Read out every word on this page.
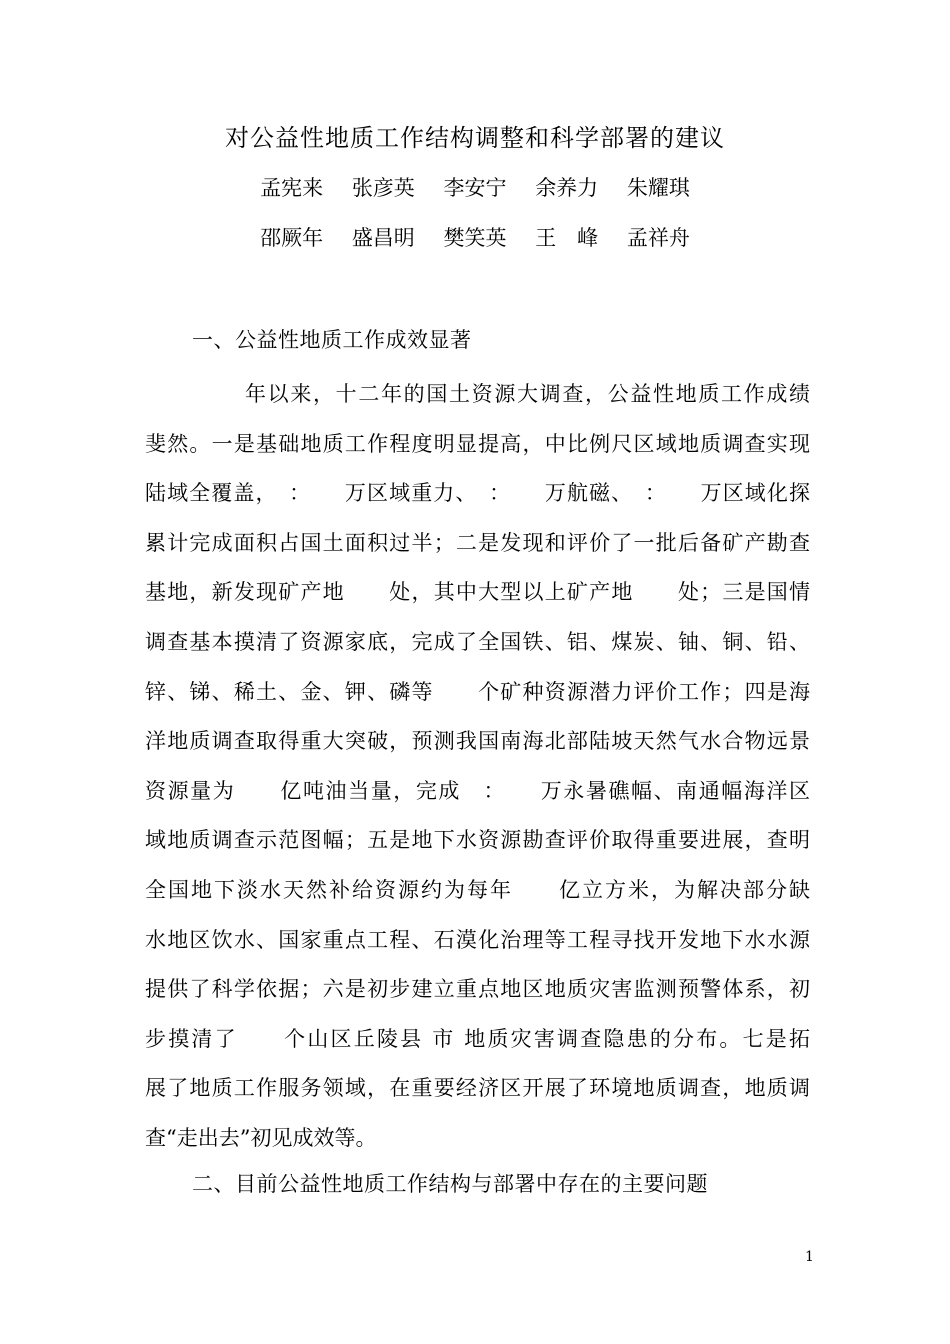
对公益性地质工作结构调整和科学部署的建议
孟宪来 张彦英 李安宁 余养力 朱耀琪
邵厥年 盛昌明 樊笑英 王　峰 孟祥舟
一、公益性地质工作成效显著
年以来，十二年的国土资源大调查，公益性地质工作成绩
斐然。一是基础地质工作程度明显提高，中比例尺区域地质调查实现
陆域全覆盖，　：　　万区域重力、　：　　万航磁、　：　　万区域化探
累计完成面积占国土面积过半；二是发现和评价了一批后备矿产勘查
基地，新发现矿产地　　处，其中大型以上矿产地　　处；三是国情
调查基本摸清了资源家底，完成了全国铁、铝、煤炭、铀、铜、铅、
锌、锑、稀土、金、钾、磷等　　个矿种资源潜力评价工作；四是海
洋地质调查取得重大突破，预测我国南海北部陆坡天然气水合物远景
资源量为　　亿吨油当量，完成　：　　万永暑礁幅、南通幅海洋区
域地质调查示范图幅；五是地下水资源勘查评价取得重要进展，查明
全国地下淡水天然补给资源约为每年　　亿立方米，为解决部分缺
水地区饮水、国家重点工程、石漠化治理等工程寻找开发地下水水源
提供了科学依据；六是初步建立重点地区地质灾害监测预警体系，初
步摸清了　　个山区丘陵县 市 地质灾害调查隐患的分布。七是拓
展了地质工作服务领域，在重要经济区开展了环境地质调查，地质调
查“走出去”初见成效等。
二、目前公益性地质工作结构与部署中存在的主要问题
1
